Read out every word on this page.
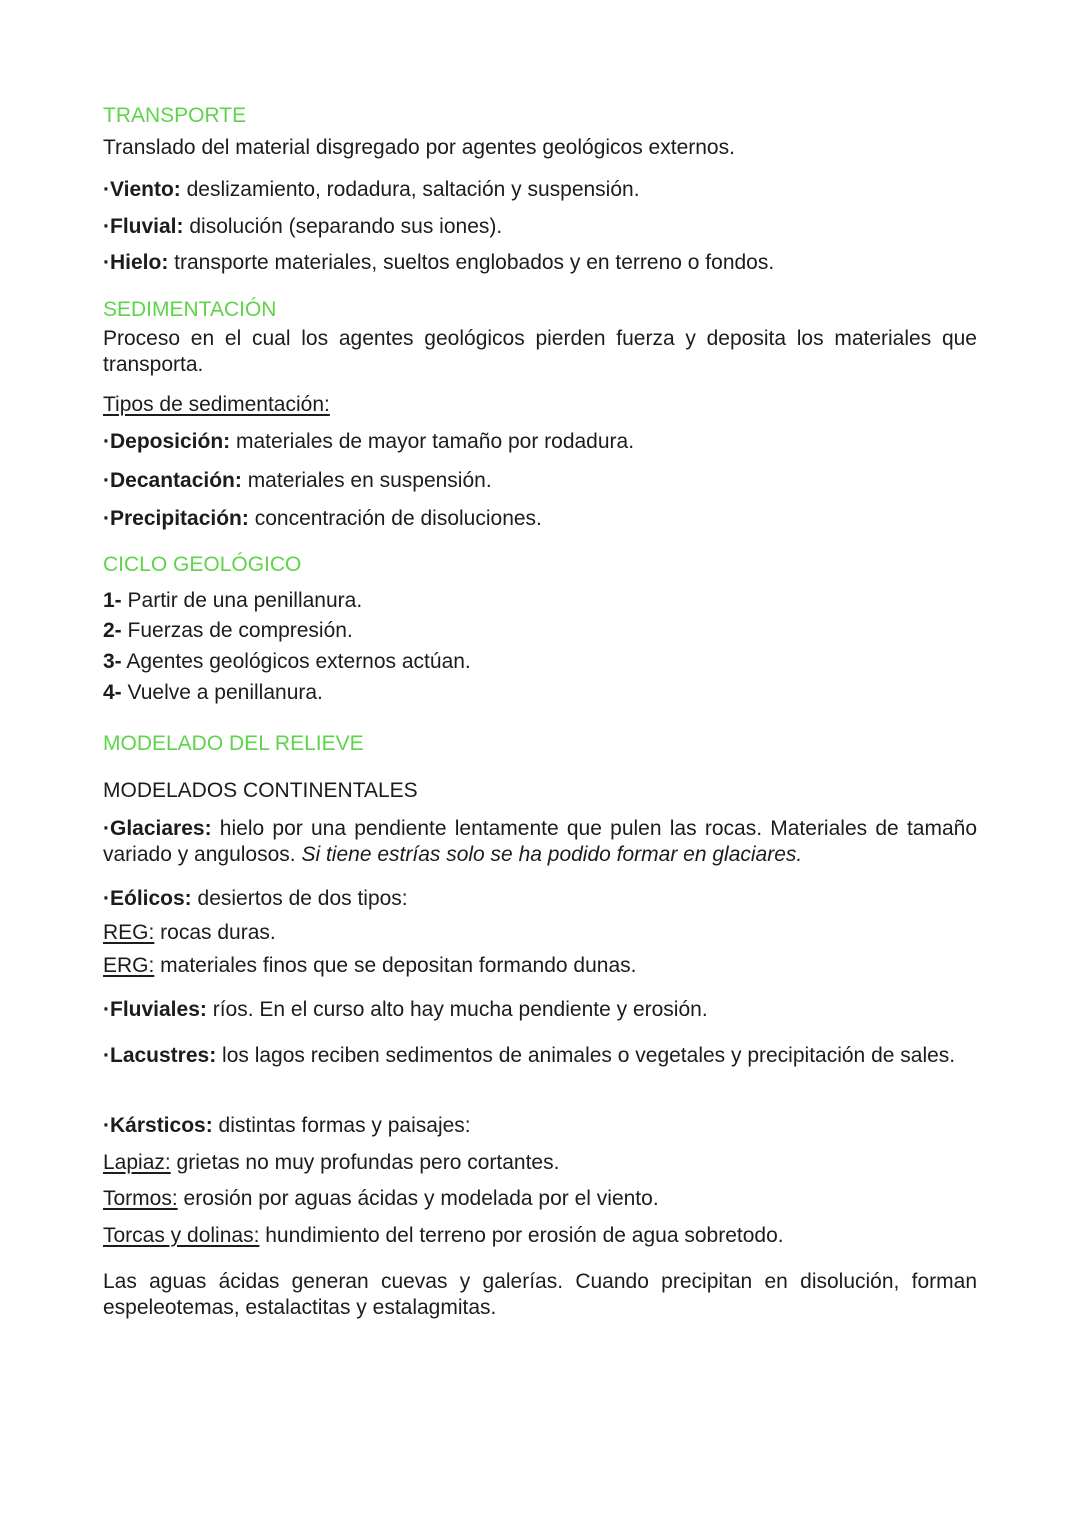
TRANSPORTE

Translado del material disgregado por agentes geológicos externos.

·Viento: deslizamiento, rodadura, saltación y suspensión.

·Fluvial: disolución (separando sus iones).

·Hielo: transporte materiales, sueltos englobados y en terreno o fondos.

SEDIMENTACIÓN

Proceso en el cual los agentes geológicos pierden fuerza y deposita los materiales que transporta.

Tipos de sedimentación:

·Deposición: materiales de mayor tamaño por rodadura.

·Decantación: materiales en suspensión.

·Precipitación: concentración de disoluciones.

CICLO GEOLÓGICO

1- Partir de una penillanura.

2- Fuerzas de compresión.

3- Agentes geológicos externos actúan.

4- Vuelve a penillanura.

MODELADO DEL RELIEVE

MODELADOS CONTINENTALES

·Glaciares: hielo por una pendiente lentamente que pulen las rocas. Materiales de tamaño variado y angulosos. Si tiene estrías solo se ha podido formar en glaciares.

·Eólicos: desiertos de dos tipos:

REG: rocas duras.

ERG: materiales finos que se depositan formando dunas.

·Fluviales: ríos. En el curso alto hay mucha pendiente y erosión.

·Lacustres: los lagos reciben sedimentos de animales o vegetales y precipitación de sales.

·Kársticos: distintas formas y paisajes:

Lapiaz: grietas no muy profundas pero cortantes.

Tormos: erosión por aguas ácidas y modelada por el viento.

Torcas y dolinas: hundimiento del terreno por erosión de agua sobretodo.

Las aguas ácidas generan cuevas y galerías. Cuando precipitan en disolución, forman espeleotemas, estalactitas y estalagmitas.
